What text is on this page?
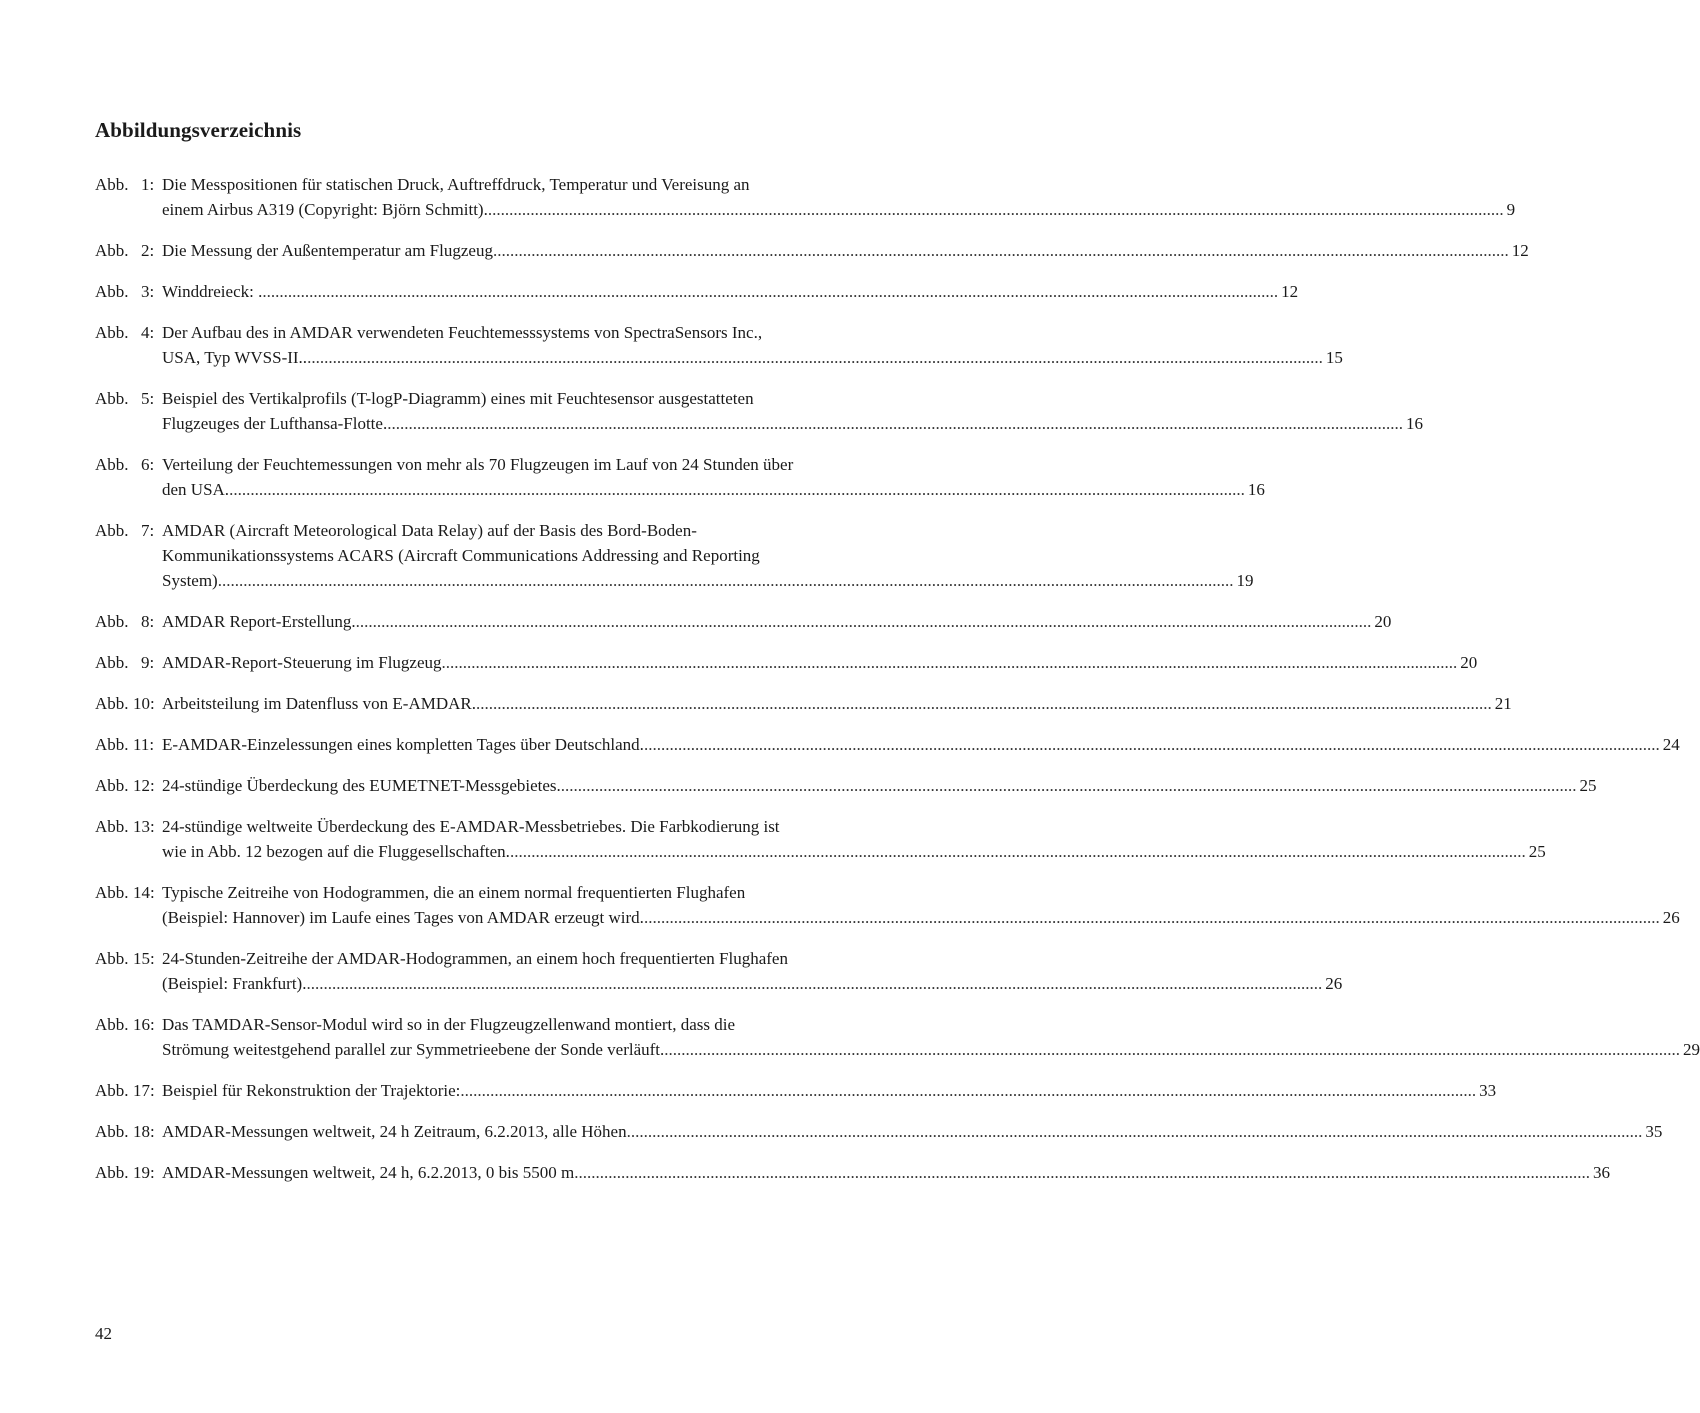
Abbildungsverzeichnis
Abb. 1: Die Messpositionen für statischen Druck, Auftreffdruck, Temperatur und Vereisung an
einem Airbus A319 (Copyright: Björn Schmitt). ............................................................................................................................................................................................................................................... 9
Abb. 2: Die Messung der Außentemperatur am Flugzeug ............................................................................................................................................................................................................................................... 12
Abb. 3: Winddreieck: . ............................................................................................................................................................................................................................................... 12
Abb. 4: Der Aufbau des in AMDAR verwendeten Feuchtemesssystems von SpectraSensors Inc.,
USA, Typ WVSS-II.. ............................................................................................................................................................................................................................................... 15
Abb. 5: Beispiel des Vertikalprofils (T-logP-Diagramm) eines mit Feuchtesensor ausgestatteten
Flugzeuges der Lufthansa-Flotte. ............................................................................................................................................................................................................................................... 16
Abb. 6: Verteilung der Feuchtemessungen von mehr als 70 Flugzeugen im Lauf von 24 Stunden über
den USA. ............................................................................................................................................................................................................................................... 16
Abb. 7: AMDAR (Aircraft Meteorological Data Relay) auf der Basis des Bord-Boden-
Kommunikationssystems ACARS (Aircraft Communications Addressing and Reporting
System) ............................................................................................................................................................................................................................................... 19
Abb. 8: AMDAR Report-Erstellung. ............................................................................................................................................................................................................................................... 20
Abb. 9: AMDAR-Report-Steuerung im Flugzeug ............................................................................................................................................................................................................................................... 20
Abb. 10: Arbeitsteilung im Datenfluss von E-AMDAR. ............................................................................................................................................................................................................................................... 21
Abb. 11: E-AMDAR-Einzelessungen eines kompletten Tages über Deutschland. ............................................................................................................................................................................................................................................... 24
Abb. 12: 24-stündige Überdeckung des EUMETNET-Messgebietes. ............................................................................................................................................................................................................................................... 25
Abb. 13: 24-stündige weltweite Überdeckung des E-AMDAR-Messbetriebes. Die Farbkodierung ist
wie in Abb. 12 bezogen auf die Fluggesellschaften. ............................................................................................................................................................................................................................................... 25
Abb. 14: Typische Zeitreihe von Hodogrammen, die an einem normal frequentierten Flughafen
(Beispiel: Hannover) im Laufe eines Tages von AMDAR erzeugt wird. ............................................................................................................................................................................................................................................... 26
Abb. 15: 24-Stunden-Zeitreihe der AMDAR-Hodogrammen, an einem hoch frequentierten Flughafen
(Beispiel: Frankfurt). ............................................................................................................................................................................................................................................... 26
Abb. 16: Das TAMDAR-Sensor-Modul wird so in der Flugzeugzellenwand montiert, dass die
Strömung weitestgehend parallel zur Symmetrieebene der Sonde verläuft. ............................................................................................................................................................................................................................................... 29
Abb. 17: Beispiel für Rekonstruktion der Trajektorie: ............................................................................................................................................................................................................................................... 33
Abb. 18: AMDAR-Messungen weltweit, 24 h Zeitraum, 6.2.2013, alle Höhen ............................................................................................................................................................................................................................................... 35
Abb. 19: AMDAR-Messungen weltweit, 24 h, 6.2.2013, 0 bis 5500 m ............................................................................................................................................................................................................................................... 36
42
